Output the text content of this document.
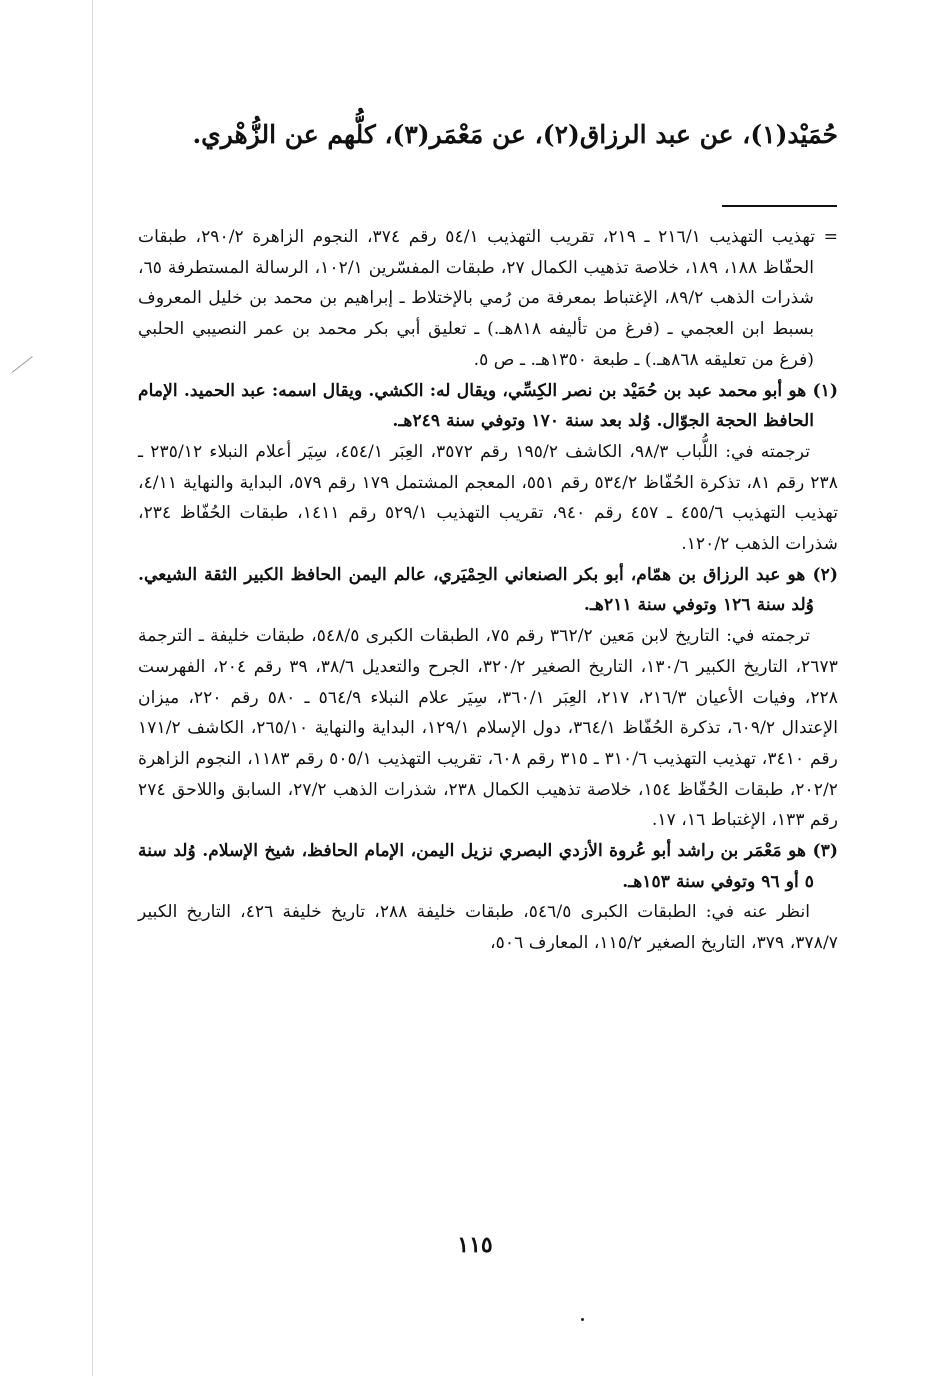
حُمَيْد(١)، عن عبد الرزاق(٢)، عن مَعْمَر(٣)، كلُّهم عن الزُّهْري.

= تهذيب التهذيب ٢١٦/١ ـ ٢١٩، تقريب التهذيب ٥٤/١ رقم ٣٧٤، النجوم الزاهرة ٢٩٠/٢، طبقات الحفّاظ ١٨٨، ١٨٩، خلاصة تذهيب الكمال ٢٧، طبقات المفسّرين ١٠٢/١، الرسالة المستطرفة ٦٥، شذرات الذهب ٨٩/٢، الإغتباط بمعرفة من رُمي بالإختلاط ـ إبراهيم بن محمد بن خليل المعروف بسبط ابن العجمي ـ (فرغ من تأليفه ٨١٨هـ.) ـ تعليق أبي بكر محمد بن عمر النصيبي الحلبي (فرغ من تعليقه ٨٦٨هـ.) ـ طبعة ١٣٥٠هـ. ـ ص ٥.

(١) هو أبو محمد عبد بن حُمَيْد بن نصر الكِسِّي، ويقال له: الكشي. ويقال اسمه: عبد الحميد. الإمام الحافظ الحجة الجوّال. وُلد بعد سنة ١٧٠ وتوفي سنة ٢٤٩هـ.

ترجمته في: اللُّباب ٩٨/٣، الكاشف ١٩٥/٢ رقم ٣٥٧٢، العِبَر ٤٥٤/١، سِيَر أعلام النبلاء ٢٣٥/١٢ ـ ٢٣٨ رقم ٨١، تذكرة الحُفّاظ ٥٣٤/٢ رقم ٥٥١، المعجم المشتمل ١٧٩ رقم ٥٧٩، البداية والنهاية ٤/١١، تهذيب التهذيب ٤٥٥/٦ ـ ٤٥٧ رقم ٩٤٠، تقريب التهذيب ٥٢٩/١ رقم ١٤١١، طبقات الحُفّاظ ٢٣٤، شذرات الذهب ١٢٠/٢.

(٢) هو عبد الرزاق بن همّام، أبو بكر الصنعاني الحِمْيَري، عالم اليمن الحافظ الكبير الثقة الشيعي. وُلد سنة ١٢٦ وتوفي سنة ٢١١هـ.

ترجمته في: التاريخ لابن مَعين ٣٦٢/٢ رقم ٧٥، الطبقات الكبرى ٥٤٨/٥، طبقات خليفة ـ الترجمة ٢٦٧٣، التاريخ الكبير ١٣٠/٦، التاريخ الصغير ٣٢٠/٢، الجرح والتعديل ٣٨/٦، ٣٩ رقم ٢٠٤، الفهرست ٢٢٨، وفيات الأعيان ٢١٦/٣، ٢١٧، العِبَر ٣٦٠/١، سِيَر علام النبلاء ٥٦٤/٩ ـ ٥٨٠ رقم ٢٢٠، ميزان الإعتدال ٦٠٩/٢، تذكرة الحُفّاظ ٣٦٤/١، دول الإسلام ١٢٩/١، البداية والنهاية ٢٦٥/١٠، الكاشف ١٧١/٢ رقم ٣٤١٠، تهذيب التهذيب ٣١٠/٦ ـ ٣١٥ رقم ٦٠٨، تقريب التهذيب ٥٠٥/١ رقم ١١٨٣، النجوم الزاهرة ٢٠٢/٢، طبقات الحُفّاظ ١٥٤، خلاصة تذهيب الكمال ٢٣٨، شذرات الذهب ٢٧/٢، السابق واللاحق ٢٧٤ رقم ١٣٣، الإغتباط ١٦، ١٧.

(٣) هو مَعْمَر بن راشد أبو عُروة الأزدي البصري نزيل اليمن، الإمام الحافظ، شيخ الإسلام. وُلد سنة ٥ أو ٩٦ وتوفي سنة ١٥٣هـ.

انظر عنه في: الطبقات الكبرى ٥٤٦/٥، طبقات خليفة ٢٨٨، تاريخ خليفة ٤٢٦، التاريخ الكبير ٣٧٨/٧، ٣٧٩، التاريخ الصغير ١١٥/٢، المعارف ٥٠٦،

١١٥
